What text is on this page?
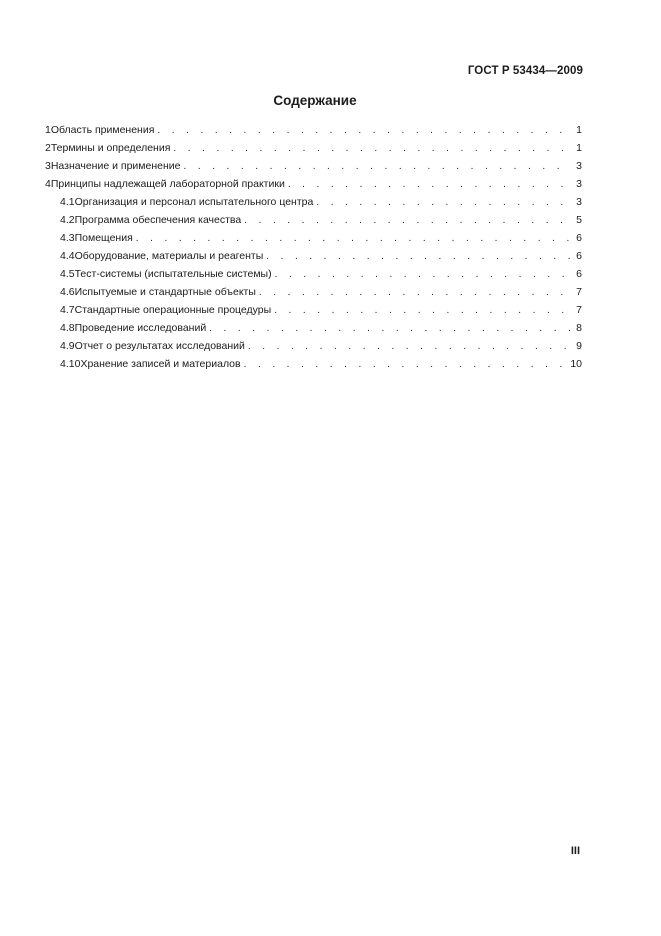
ГОСТ Р 53434—2009
Содержание
1 Область применения . . .	1
2 Термины и определения . . .	1
3 Назначение и применение . . .	3
4 Принципы надлежащей лабораторной практики . . .	3
4.1 Организация и персонал испытательного центра . . .	3
4.2 Программа обеспечения качества . . .	5
4.3 Помещения . . .	6
4.4 Оборудование, материалы и реагенты . . .	6
4.5 Тест-системы (испытательные системы) . . .	6
4.6 Испытуемые и стандартные объекты . . .	7
4.7 Стандартные операционные процедуры . . .	7
4.8 Проведение исследований . . .	8
4.9 Отчет о результатах исследований . . .	9
4.10 Хранение записей и материалов . . .	10
III
